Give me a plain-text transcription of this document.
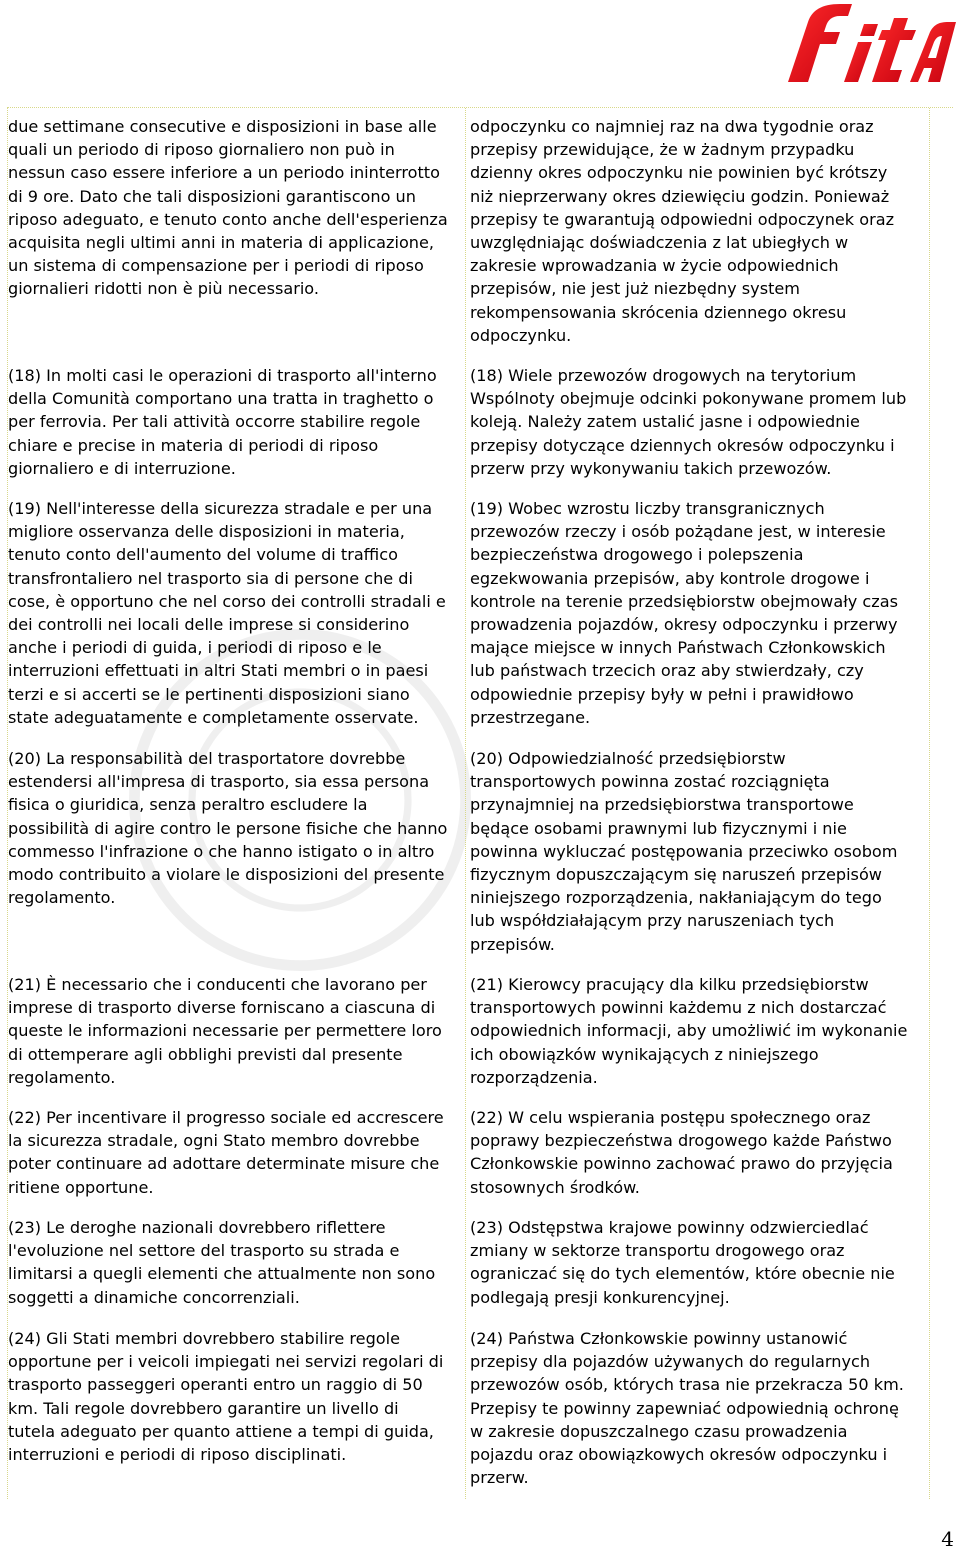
due settimane consecutive e disposizioni in base alle
quali un periodo di riposo giornaliero non può in
nessun caso essere inferiore a un periodo ininterrotto
di 9 ore. Dato che tali disposizioni garantiscono un
riposo adeguato, e tenuto conto anche dell'esperienza
acquisita negli ultimi anni in materia di applicazione,
un sistema di compensazione per i periodi di riposo
giornalieri ridotti non è più necessario.

odpoczynku co najmniej raz na dwa tygodnie oraz
przepisy przewidujące, że w żadnym przypadku
dzienny okres odpoczynku nie powinien być krótszy
niż nieprzerwany okres dziewięciu godzin. Ponieważ
przepisy te gwarantują odpowiedni odpoczynek oraz
uwzględniając doświadczenia z lat ubiegłych w
zakresie wprowadzania w życie odpowiednich
przepisów, nie jest już niezbędny system
rekompensowania skrócenia dziennego okresu
odpoczynku.

(18) In molti casi le operazioni di trasporto all'interno
della Comunità comportano una tratta in traghetto o
per ferrovia. Per tali attività occorre stabilire regole
chiare e precise in materia di periodi di riposo
giornaliero e di interruzione.

(18) Wiele przewozów drogowych na terytorium
Wspólnoty obejmuje odcinki pokonywane promem lub
koleją. Należy zatem ustalić jasne i odpowiednie
przepisy dotyczące dziennych okresów odpoczynku i
przerw przy wykonywaniu takich przewozów.

(19) Nell'interesse della sicurezza stradale e per una
migliore osservanza delle disposizioni in materia,
tenuto conto dell'aumento del volume di traffico
transfrontaliero nel trasporto sia di persone che di
cose, è opportuno che nel corso dei controlli stradali e
dei controlli nei locali delle imprese si considerino
anche i periodi di guida, i periodi di riposo e le
interruzioni effettuati in altri Stati membri o in paesi
terzi e si accerti se le pertinenti disposizioni siano
state adeguatamente e completamente osservate.

(19) Wobec wzrostu liczby transgranicznych
przewozów rzeczy i osób pożądane jest, w interesie
bezpieczeństwa drogowego i polepszenia
egzekwowania przepisów, aby kontrole drogowe i
kontrole na terenie przedsiębiorstw obejmowały czas
prowadzenia pojazdów, okresy odpoczynku i przerwy
mające miejsce w innych Państwach Członkowskich
lub państwach trzecich oraz aby stwierdzały, czy
odpowiednie przepisy były w pełni i prawidłowo
przestrzegane.

(20) La responsabilità del trasportatore dovrebbe
estendersi all'impresa di trasporto, sia essa persona
fisica o giuridica, senza peraltro escludere la
possibilità di agire contro le persone fisiche che hanno
commesso l'infrazione o che hanno istigato o in altro
modo contribuito a violare le disposizioni del presente
regolamento.

(20) Odpowiedzialność przedsiębiorstw
transportowych powinna zostać rozciągnięta
przynajmniej na przedsiębiorstwa transportowe
będące osobami prawnymi lub fizycznymi i nie
powinna wykluczać postępowania przeciwko osobom
fizycznym dopuszczającym się naruszeń przepisów
niniejszego rozporządzenia, nakłaniającym do tego
lub współdziałającym przy naruszeniach tych
przepisów.

(21) È necessario che i conducenti che lavorano per
imprese di trasporto diverse forniscano a ciascuna di
queste le informazioni necessarie per permettere loro
di ottemperare agli obblighi previsti dal presente
regolamento.

(21) Kierowcy pracujący dla kilku przedsiębiorstw
transportowych powinni każdemu z nich dostarczać
odpowiednich informacji, aby umożliwić im wykonanie
ich obowiązków wynikających z niniejszego
rozporządzenia.

(22) Per incentivare il progresso sociale ed accrescere
la sicurezza stradale, ogni Stato membro dovrebbe
poter continuare ad adottare determinate misure che
ritiene opportune.

(22) W celu wspierania postępu społecznego oraz
poprawy bezpieczeństwa drogowego każde Państwo
Członkowskie powinno zachować prawo do przyjęcia
stosownych środków.

(23) Le deroghe nazionali dovrebbero riflettere
l'evoluzione nel settore del trasporto su strada e
limitarsi a quegli elementi che attualmente non sono
soggetti a dinamiche concorrenziali.

(23) Odstępstwa krajowe powinny odzwierciedlać
zmiany w sektorze transportu drogowego oraz
ograniczać się do tych elementów, które obecnie nie
podlegają presji konkurencyjnej.

(24) Gli Stati membri dovrebbero stabilire regole
opportune per i veicoli impiegati nei servizi regolari di
trasporto passeggeri operanti entro un raggio di 50
km. Tali regole dovrebbero garantire un livello di
tutela adeguato per quanto attiene a tempi di guida,
interruzioni e periodi di riposo disciplinati.

(24) Państwa Członkowskie powinny ustanowić
przepisy dla pojazdów używanych do regularnych
przewozów osób, których trasa nie przekracza 50 km.
Przepisy te powinny zapewniać odpowiednią ochronę
w zakresie dopuszczalnego czasu prowadzenia
pojazdu oraz obowiązkowych okresów odpoczynku i
przerw.

4
